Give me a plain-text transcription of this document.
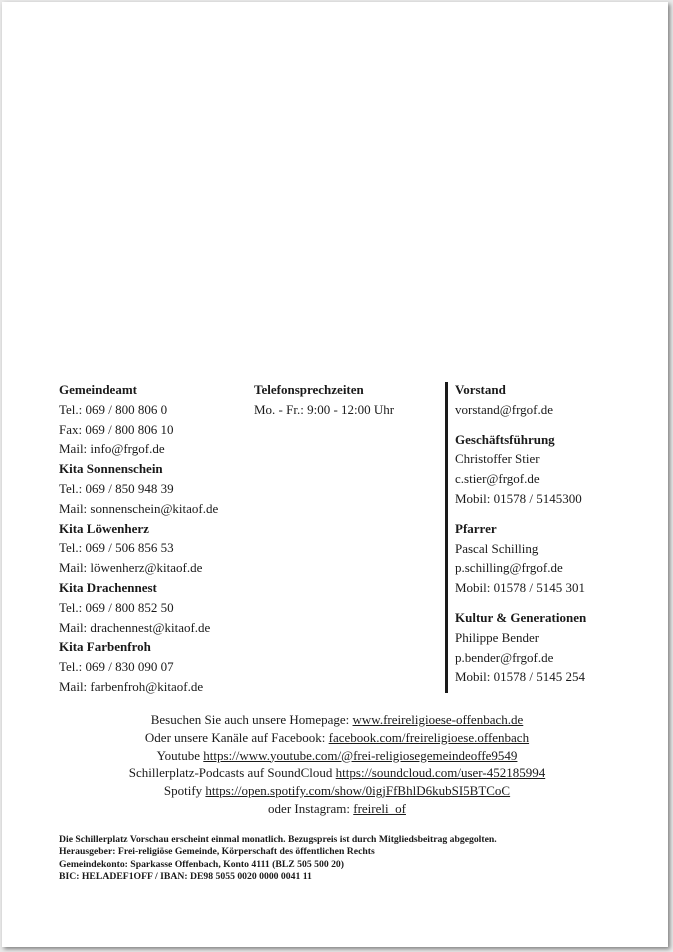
Gemeindeamt
Tel.: 069 / 800 806 0
Fax: 069 / 800 806 10
Mail: info@frgof.de
Kita Sonnenschein
Tel.: 069 / 850 948 39
Mail: sonnenschein@kitaof.de
Kita Löwenherz
Tel.: 069 / 506 856 53
Mail: löwenherz@kitaof.de
Kita Drachennest
Tel.: 069 / 800 852 50
Mail: drachennest@kitaof.de
Kita Farbenfroh
Tel.: 069 / 830 090 07
Mail: farbenfroh@kitaof.de
Telefonsprechzeiten
Mo. - Fr.: 9:00 - 12:00 Uhr
Vorstand
vorstand@frgof.de
Geschäftsführung
Christoffer Stier
c.stier@frgof.de
Mobil: 01578 / 5145300
Pfarrer
Pascal Schilling
p.schilling@frgof.de
Mobil: 01578 / 5145 301
Kultur & Generationen
Philippe Bender
p.bender@frgof.de
Mobil: 01578 / 5145 254
Besuchen Sie auch unsere Homepage: www.freireligioese-offenbach.de
Oder unsere Kanäle auf Facebook: facebook.com/freireligioese.offenbach
Youtube https://www.youtube.com/@frei-religiosegemeindeoffe9549
Schillerplatz-Podcasts auf SoundCloud https://soundcloud.com/user-452185994
Spotify https://open.spotify.com/show/0igjFfBhlD6kubSI5BTCoC
oder Instagram: freireli_of
Die Schillerplatz Vorschau erscheint einmal monatlich. Bezugspreis ist durch Mitgliedsbeitrag abgegolten.
Herausgeber: Frei-religiöse Gemeinde, Körperschaft des öffentlichen Rechts
Gemeindekonto: Sparkasse Offenbach, Konto 4111 (BLZ 505 500 20)
BIC: HELADEF1OFF / IBAN: DE98 5055 0020 0000 0041 11
